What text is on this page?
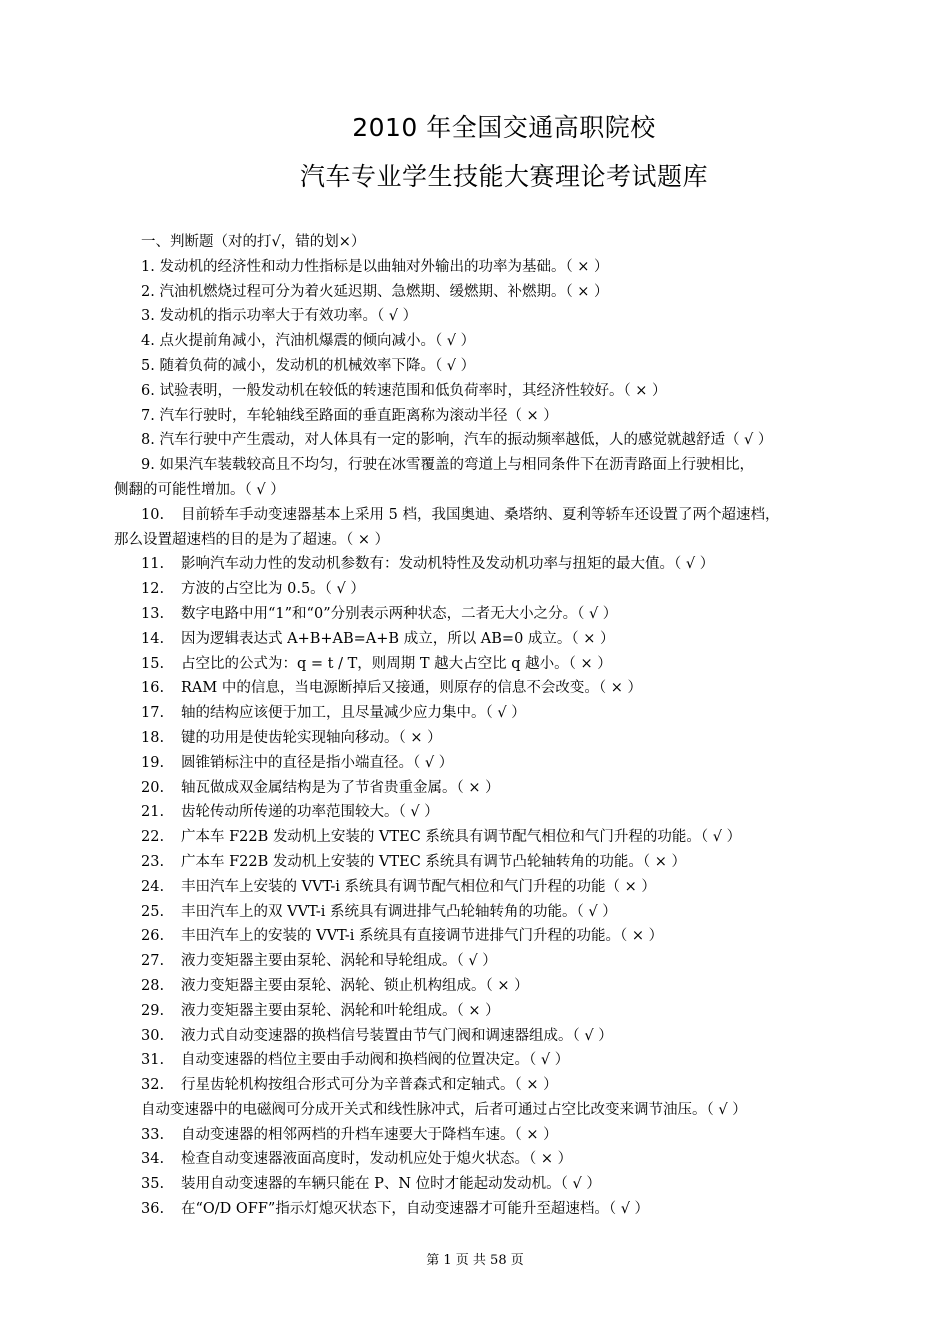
2010 年全国交通高职院校
汽车专业学生技能大赛理论考试题库
一、判断题（对的打√，错的划×）
1. 发动机的经济性和动力性指标是以曲轴对外输出的功率为基础。（ × ）
2. 汽油机燃烧过程可分为着火延迟期、急燃期、缓燃期、补燃期。（ × ）
3. 发动机的指示功率大于有效功率。（ √ ）
4. 点火提前角减小，汽油机爆震的倾向减小。（ √ ）
5. 随着负荷的减小，发动机的机械效率下降。（ √ ）
6. 试验表明，一般发动机在较低的转速范围和低负荷率时，其经济性较好。（ × ）
7. 汽车行驶时，车轮轴线至路面的垂直距离称为滚动半径（ × ）
8. 汽车行驶中产生震动，对人体具有一定的影响，汽车的振动频率越低，人的感觉就越舒适（ √ ）
9. 如果汽车装载较高且不均匀，行驶在冰雪覆盖的弯道上与相同条件下在沥青路面上行驶相比，
侧翻的可能性增加。（ √ ）
10. 目前轿车手动变速器基本上采用 5 档，我国奥迪、桑塔纳、夏利等轿车还设置了两个超速档，
那么设置超速档的目的是为了超速。（ × ）
11. 影响汽车动力性的发动机参数有：发动机特性及发动机功率与扭矩的最大值。（ √ ）
12. 方波的占空比为 0.5。（ √ ）
13. 数字电路中用“1”和“0”分别表示两种状态，二者无大小之分。（ √ ）
14. 因为逻辑表达式 A+B+AB=A+B 成立，所以 AB=0 成立。（ × ）
15. 占空比的公式为：q = t / T，则周期 T 越大占空比 q 越小。（ × ）
16. RAM 中的信息，当电源断掉后又接通，则原存的信息不会改变。（ × ）
17. 轴的结构应该便于加工，且尽量减少应力集中。（ √ ）
18. 键的功用是使齿轮实现轴向移动。（ × ）
19. 圆锥销标注中的直径是指小端直径。（ √ ）
20. 轴瓦做成双金属结构是为了节省贵重金属。（ × ）
21. 齿轮传动所传递的功率范围较大。（ √ ）
22. 广本车 F22B 发动机上安装的 VTEC 系统具有调节配气相位和气门升程的功能。（ √ ）
23. 广本车 F22B 发动机上安装的 VTEC 系统具有调节凸轮轴转角的功能。（ × ）
24. 丰田汽车上安装的 VVT-i 系统具有调节配气相位和气门升程的功能（ × ）
25. 丰田汽车上的双 VVT-i 系统具有调进排气凸轮轴转角的功能。（ √ ）
26. 丰田汽车上的安装的 VVT-i 系统具有直接调节进排气门升程的功能。（ × ）
27. 液力变矩器主要由泵轮、涡轮和导轮组成。（ √ ）
28. 液力变矩器主要由泵轮、涡轮、锁止机构组成。（ × ）
29. 液力变矩器主要由泵轮、涡轮和叶轮组成。（ × ）
30. 液力式自动变速器的换档信号装置由节气门阀和调速器组成。（ √ ）
31. 自动变速器的档位主要由手动阀和换档阀的位置决定。（ √ ）
32. 行星齿轮机构按组合形式可分为辛普森式和定轴式。（ × ）
自动变速器中的电磁阀可分成开关式和线性脉冲式，后者可通过占空比改变来调节油压。（ √ ）
33. 自动变速器的相邻两档的升档车速要大于降档车速。（ × ）
34. 检查自动变速器液面高度时，发动机应处于熄火状态。（ × ）
35. 装用自动变速器的车辆只能在 P、N 位时才能起动发动机。（ √ ）
36. 在“O/D OFF”指示灯熄灭状态下，自动变速器才可能升至超速档。（ √ ）
第 1 页 共 58 页
